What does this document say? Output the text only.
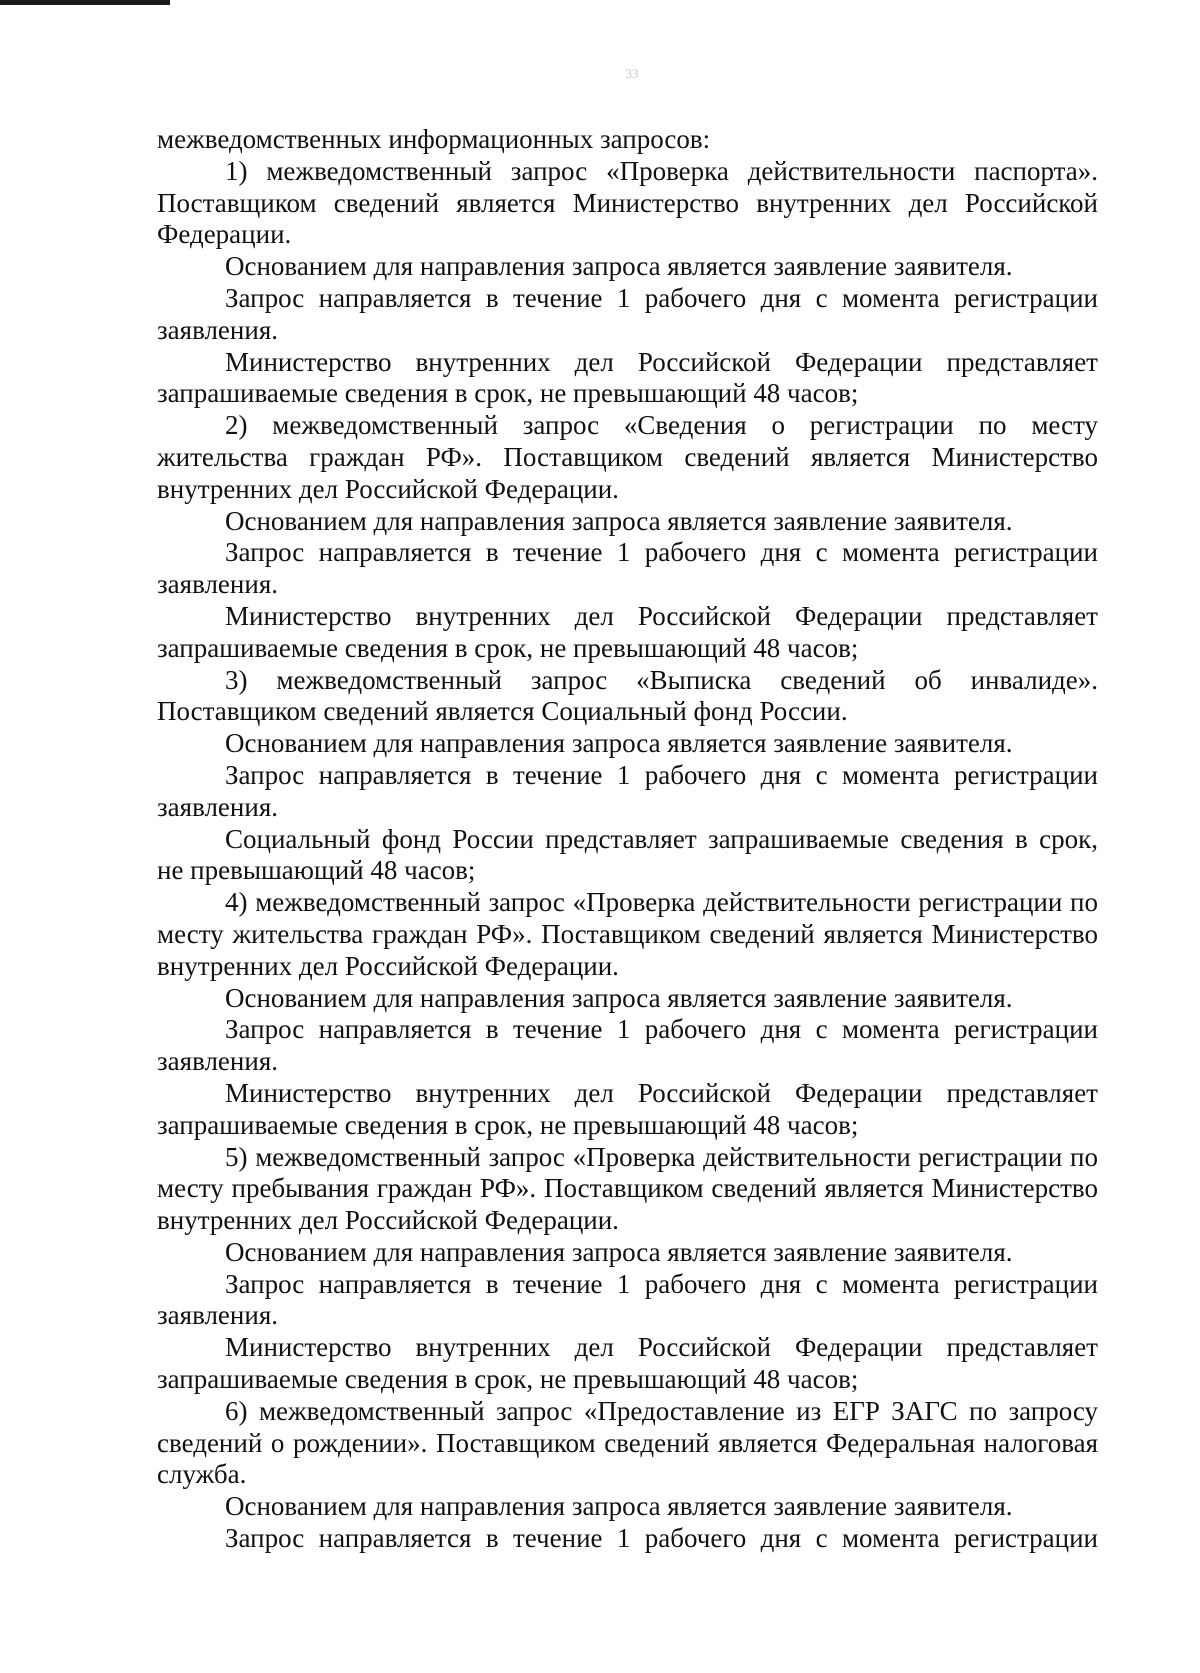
33

межведомственных информационных запросов:

1) межведомственный запрос «Проверка действительности паспорта». Поставщиком сведений является Министерство внутренних дел Российской Федерации.

Основанием для направления запроса является заявление заявителя.

Запрос направляется в течение 1 рабочего дня с момента регистрации заявления.

Министерство внутренних дел Российской Федерации представляет запрашиваемые сведения в срок, не превышающий 48 часов;

2) межведомственный запрос «Сведения о регистрации по месту жительства граждан РФ». Поставщиком сведений является Министерство внутренних дел Российской Федерации.

Основанием для направления запроса является заявление заявителя.

Запрос направляется в течение 1 рабочего дня с момента регистрации заявления.

Министерство внутренних дел Российской Федерации представляет запрашиваемые сведения в срок, не превышающий 48 часов;

3) межведомственный запрос «Выписка сведений об инвалиде». Поставщиком сведений является Социальный фонд России.

Основанием для направления запроса является заявление заявителя.

Запрос направляется в течение 1 рабочего дня с момента регистрации заявления.

Социальный фонд России представляет запрашиваемые сведения в срок, не превышающий 48 часов;

4) межведомственный запрос «Проверка действительности регистрации по месту жительства граждан РФ». Поставщиком сведений является Министерство внутренних дел Российской Федерации.

Основанием для направления запроса является заявление заявителя.

Запрос направляется в течение 1 рабочего дня с момента регистрации заявления.

Министерство внутренних дел Российской Федерации представляет запрашиваемые сведения в срок, не превышающий 48 часов;

5) межведомственный запрос «Проверка действительности регистрации по месту пребывания граждан РФ». Поставщиком сведений является Министерство внутренних дел Российской Федерации.

Основанием для направления запроса является заявление заявителя.

Запрос направляется в течение 1 рабочего дня с момента регистрации заявления.

Министерство внутренних дел Российской Федерации представляет запрашиваемые сведения в срок, не превышающий 48 часов;

6) межведомственный запрос «Предоставление из ЕГР ЗАГС по запросу сведений о рождении». Поставщиком сведений является Федеральная налоговая служба.

Основанием для направления запроса является заявление заявителя.

Запрос направляется в течение 1 рабочего дня с момента регистрации
